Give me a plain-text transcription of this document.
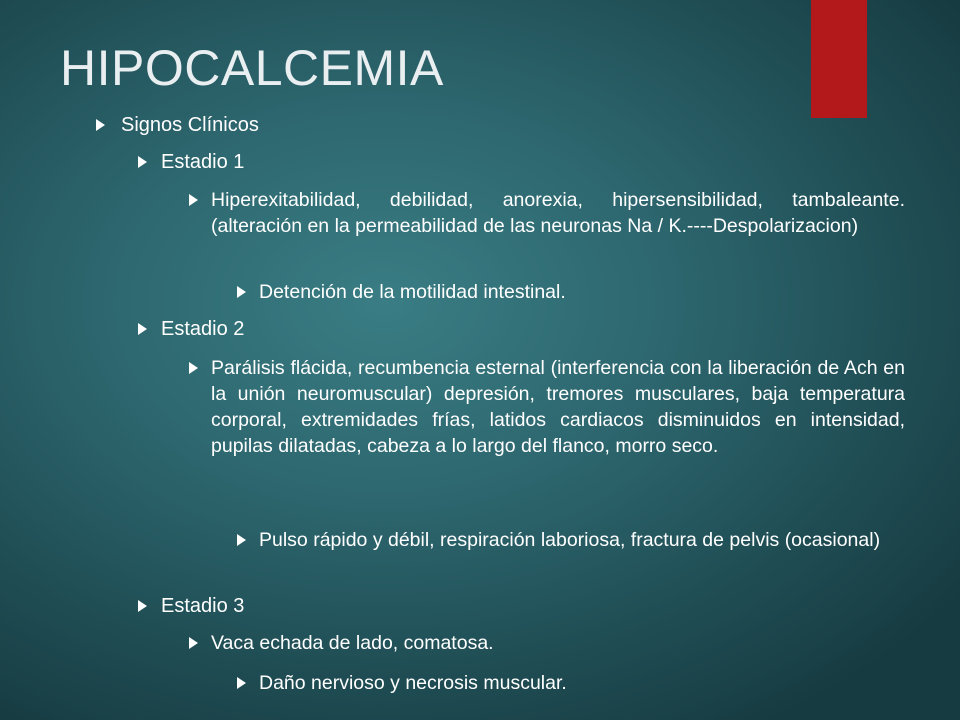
HIPOCALCEMIA
Signos Clínicos
Estadio 1
Hiperexitabilidad, debilidad, anorexia, hipersensibilidad, tambaleante. (alteración en la permeabilidad de las neuronas Na / K.----Despolarizacion)
Detención de la motilidad intestinal.
Estadio 2
Parálisis flácida, recumbencia esternal (interferencia con la liberación de Ach en la unión neuromuscular) depresión, tremores musculares, baja temperatura corporal, extremidades frías, latidos cardiacos disminuidos en intensidad, pupilas dilatadas, cabeza a lo largo del flanco, morro seco.
Pulso rápido y débil, respiración laboriosa, fractura de pelvis (ocasional)
Estadio 3
Vaca echada de lado, comatosa.
Daño nervioso y necrosis muscular.
